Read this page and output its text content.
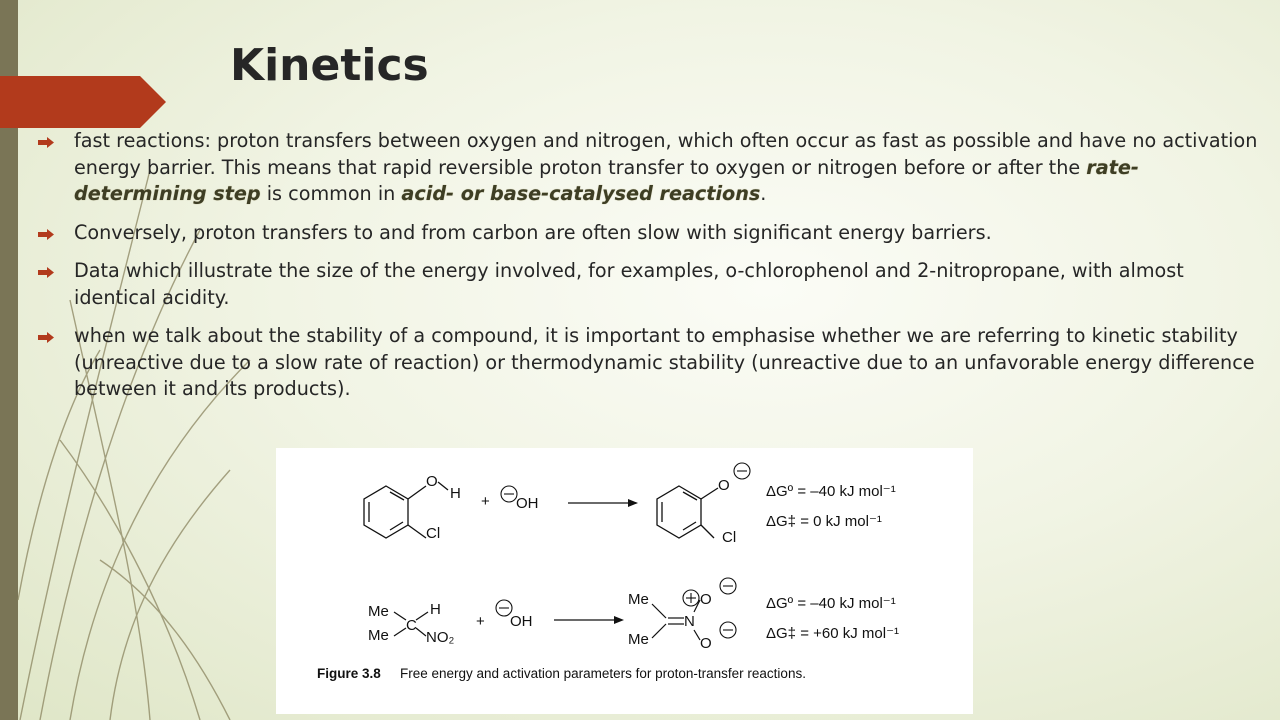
Kinetics
fast reactions: proton transfers between oxygen and nitrogen, which often occur as fast as possible and have no activation energy barrier. This means that rapid reversible proton transfer to oxygen or nitrogen before or after the rate-determining step is common in acid- or base-catalysed reactions.
Conversely, proton transfers to and from carbon are often slow with significant energy barriers.
Data which illustrate the size of the energy involved, for examples, o-chlorophenol and 2-nitropropane, with almost identical acidity.
when we talk about the stability of a compound, it is important to emphasise whether we are referring to kinetic stability (unreactive due to a slow rate of reaction) or thermodynamic stability (unreactive due to an unfavorable energy difference between it and its products).
O
H
Cl
+ OH
O
Cl
ΔGº = –40 kJ mol⁻¹
ΔG‡ = 0 kJ mol⁻¹
Me
Me
C
H
NO₂
+ OH
Me
Me
N
O
O
ΔGº = –40 kJ mol⁻¹
ΔG‡ = +60 kJ mol⁻¹
Figure 3.8 Free energy and activation parameters for proton-transfer reactions.
